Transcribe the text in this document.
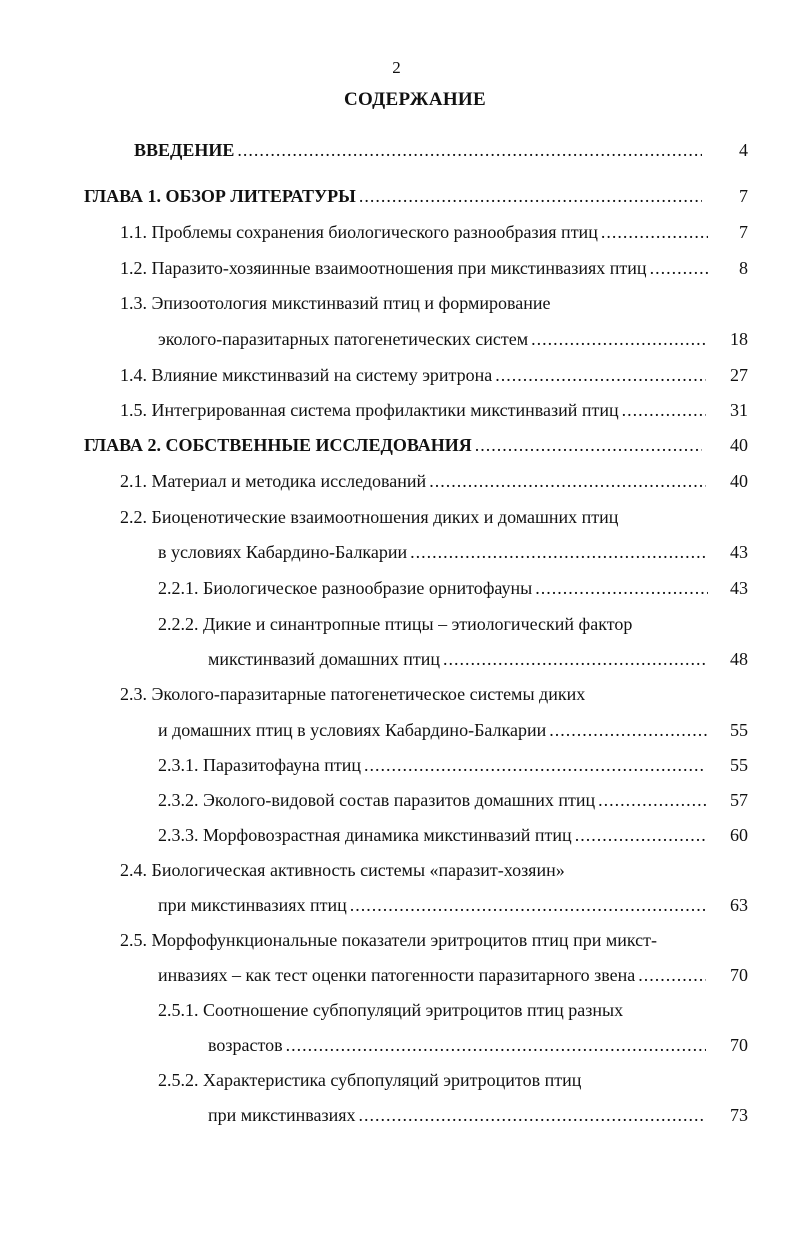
2
СОДЕРЖАНИЕ
ВВЕДЕНИЕ .....	4
ГЛАВА 1. ОБЗОР ЛИТЕРАТУРЫ .....	7
1.1. Проблемы сохранения биологического разнообразия птиц .....	7
1.2. Паразито-хозяинные взаимоотношения при микстинвазиях птиц .....	8
1.3. Эпизоотология микстинвазий птиц и формирование
эколого-паразитарных патогенетических систем .....	18
1.4. Влияние микстинвазий на систему эритрона .....	27
1.5. Интегрированная система профилактики микстинвазий птиц .....	31
ГЛАВА 2. СОБСТВЕННЫЕ ИССЛЕДОВАНИЯ .....	40
2.1. Материал и методика исследований .....	40
2.2. Биоценотические взаимоотношения диких и домашних птиц
в условиях Кабардино-Балкарии .....	43
2.2.1. Биологическое разнообразие орнитофауны .....	43
2.2.2. Дикие и синантропные птицы – этиологический фактор
микстинвазий домашних птиц .....	48
2.3. Эколого-паразитарные патогенетическое системы диких
и домашних птиц в условиях Кабардино-Балкарии .....	55
2.3.1. Паразитофауна птиц .....	55
2.3.2. Эколого-видовой состав паразитов домашних птиц .....	57
2.3.3. Морфовозрастная динамика микстинвазий птиц .....	60
2.4. Биологическая активность системы «паразит-хозяин»
при микстинвазиях птиц .....	63
2.5. Морфофункциональные показатели эритроцитов птиц при микст-
инвазиях – как тест оценки патогенности паразитарного звена .....	70
2.5.1. Соотношение субпопуляций эритроцитов птиц разных
возрастов .....	70
2.5.2. Характеристика субпопуляций эритроцитов птиц
при микстинвазиях .....	73
